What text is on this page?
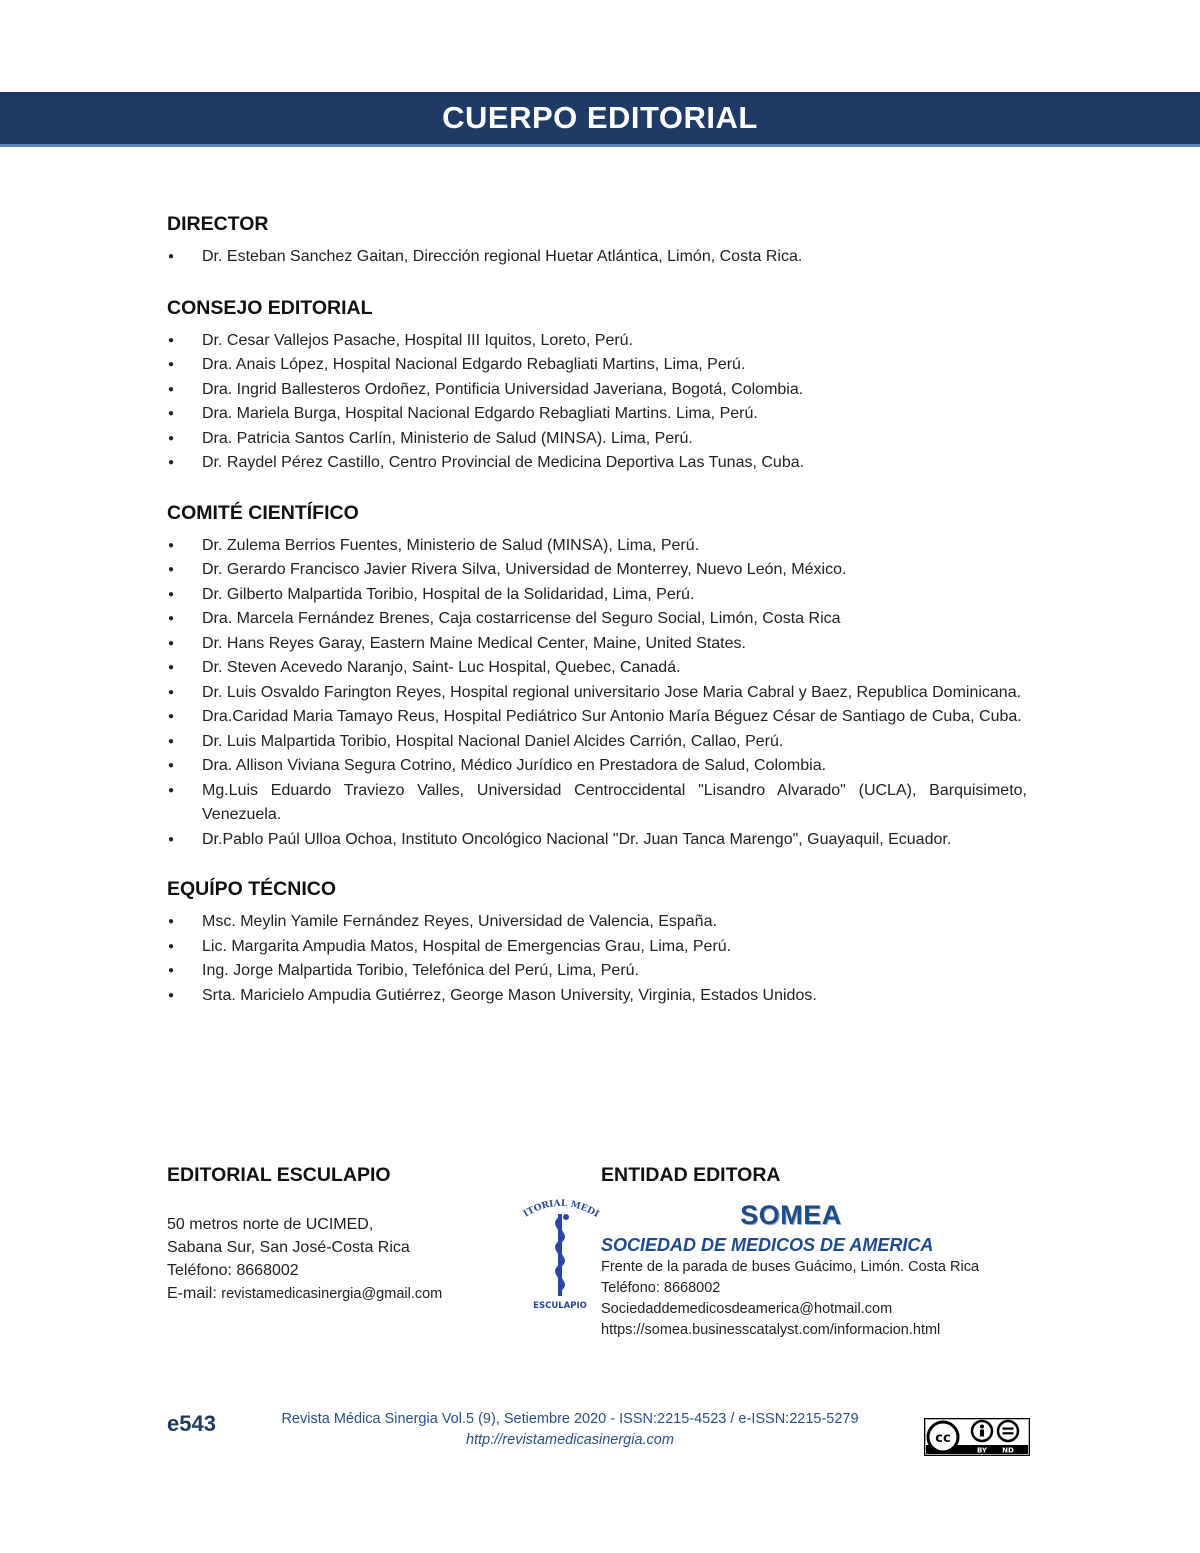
CUERPO EDITORIAL
DIRECTOR
● Dr. Esteban Sanchez Gaitan, Dirección regional Huetar Atlántica, Limón, Costa Rica.
CONSEJO EDITORIAL
● Dr. Cesar Vallejos Pasache, Hospital III Iquitos, Loreto, Perú.
● Dra. Anais López, Hospital Nacional Edgardo Rebagliati Martins, Lima, Perú.
● Dra. Ingrid Ballesteros Ordoñez, Pontificia Universidad Javeriana, Bogotá, Colombia.
● Dra. Mariela Burga, Hospital Nacional Edgardo Rebagliati Martins. Lima, Perú.
● Dra. Patricia Santos Carlín, Ministerio de Salud (MINSA). Lima, Perú.
● Dr. Raydel Pérez Castillo, Centro Provincial de Medicina Deportiva Las Tunas, Cuba.
COMITÉ CIENTÍFICO
● Dr. Zulema Berrios Fuentes, Ministerio de Salud (MINSA), Lima, Perú.
● Dr. Gerardo Francisco Javier Rivera Silva, Universidad de Monterrey, Nuevo León, México.
● Dr. Gilberto Malpartida Toribio, Hospital de la Solidaridad, Lima, Perú.
● Dra. Marcela Fernández Brenes, Caja costarricense del Seguro Social, Limón, Costa Rica
● Dr. Hans Reyes Garay, Eastern Maine Medical Center, Maine, United States.
● Dr. Steven Acevedo Naranjo, Saint- Luc Hospital, Quebec, Canadá.
● Dr. Luis Osvaldo Farington Reyes, Hospital regional universitario Jose Maria Cabral y Baez, Republica Dominicana.
● Dra.Caridad Maria Tamayo Reus, Hospital Pediátrico Sur Antonio María Béguez César de Santiago de Cuba, Cuba.
● Dr. Luis Malpartida Toribio, Hospital Nacional Daniel Alcides Carrión, Callao, Perú.
● Dra. Allison Viviana Segura Cotrino, Médico Jurídico en Prestadora de Salud, Colombia.
● Mg.Luis Eduardo Traviezo Valles, Universidad Centroccidental "Lisandro Alvarado" (UCLA), Barquisimeto, Venezuela.
● Dr.Pablo Paúl Ulloa Ochoa, Instituto Oncológico Nacional "Dr. Juan Tanca Marengo", Guayaquil, Ecuador.
EQUÍPO TÉCNICO
● Msc. Meylin Yamile Fernández Reyes, Universidad de Valencia, España.
● Lic. Margarita Ampudia Matos, Hospital de Emergencias Grau, Lima, Perú.
● Ing. Jorge Malpartida Toribio, Telefónica del Perú, Lima, Perú.
● Srta. Maricielo Ampudia Gutiérrez, George Mason University, Virginia, Estados Unidos.
EDITORIAL ESCULAPIO
50 metros norte de UCIMED,
Sabana Sur, San José-Costa Rica
Teléfono: 8668002
E-mail: revistamedicasinergia@gmail.com
ITORIAL MEDI
ESCULAPIO
ENTIDAD EDITORA
SOMEA
SOCIEDAD DE MEDICOS DE AMERICA
Frente de la parada de buses Guácimo, Limón. Costa Rica
Teléfono: 8668002
Sociedaddemedicosdeamerica@hotmail.com
https://somea.businesscatalyst.com/informacion.html
e543	Revista Médica Sinergia Vol.5 (9), Setiembre 2020 - ISSN:2215-4523 / e-ISSN:2215-5279
http://revistamedicasinergia.com	cc
BY ND
